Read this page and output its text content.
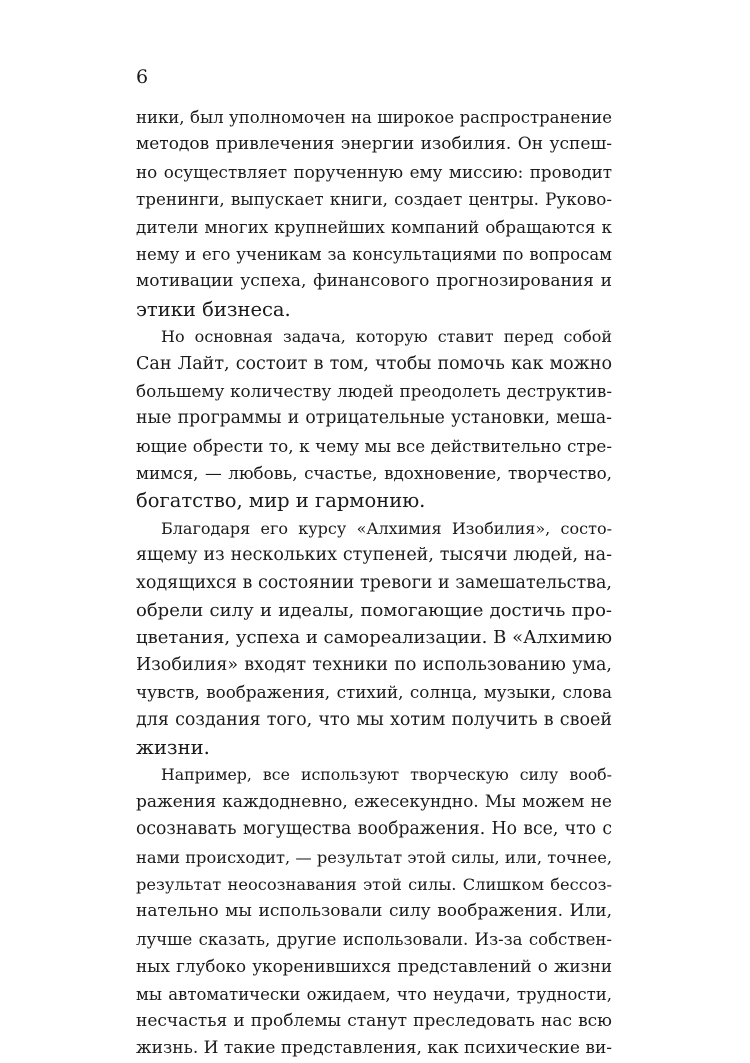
6
ники, был уполномочен на широкое распространение
методов привлечения энергии изобилия. Он успеш-
но осуществляет порученную ему миссию: проводит
тренинги, выпускает книги, создает центры. Руково-
дители многих крупнейших компаний обращаются к
нему и его ученикам за консультациями по вопросам
мотивации успеха, финансового прогнозирования и
этики бизнеса.
Но основная задача, которую ставит перед собой
Сан Лайт, состоит в том, чтобы помочь как можно
большему количеству людей преодолеть деструктив-
ные программы и отрицательные установки, меша-
ющие обрести то, к чему мы все действительно стре-
мимся, — любовь, счастье, вдохновение, творчество,
богатство, мир и гармонию.
Благодаря его курсу «Алхимия Изобилия», состо-
ящему из нескольких ступеней, тысячи людей, на-
ходящихся в состоянии тревоги и замешательства,
обрели силу и идеалы, помогающие достичь про-
цветания, успеха и самореализации. В «Алхимию
Изобилия» входят техники по использованию ума,
чувств, воображения, стихий, солнца, музыки, слова
для создания того, что мы хотим получить в своей
жизни.
Например, все используют творческую силу вооб-
ражения каждодневно, ежесекундно. Мы можем не
осознавать могущества воображения. Но все, что с
нами происходит, — результат этой силы, или, точнее,
результат неосознавания этой силы. Слишком бессоз-
нательно мы использовали силу воображения. Или,
лучше сказать, другие использовали. Из-за собствен-
ных глубоко укоренившихся представлений о жизни
мы автоматически ожидаем, что неудачи, трудности,
несчастья и проблемы станут преследовать нас всю
жизнь. И такие представления, как психические ви-
